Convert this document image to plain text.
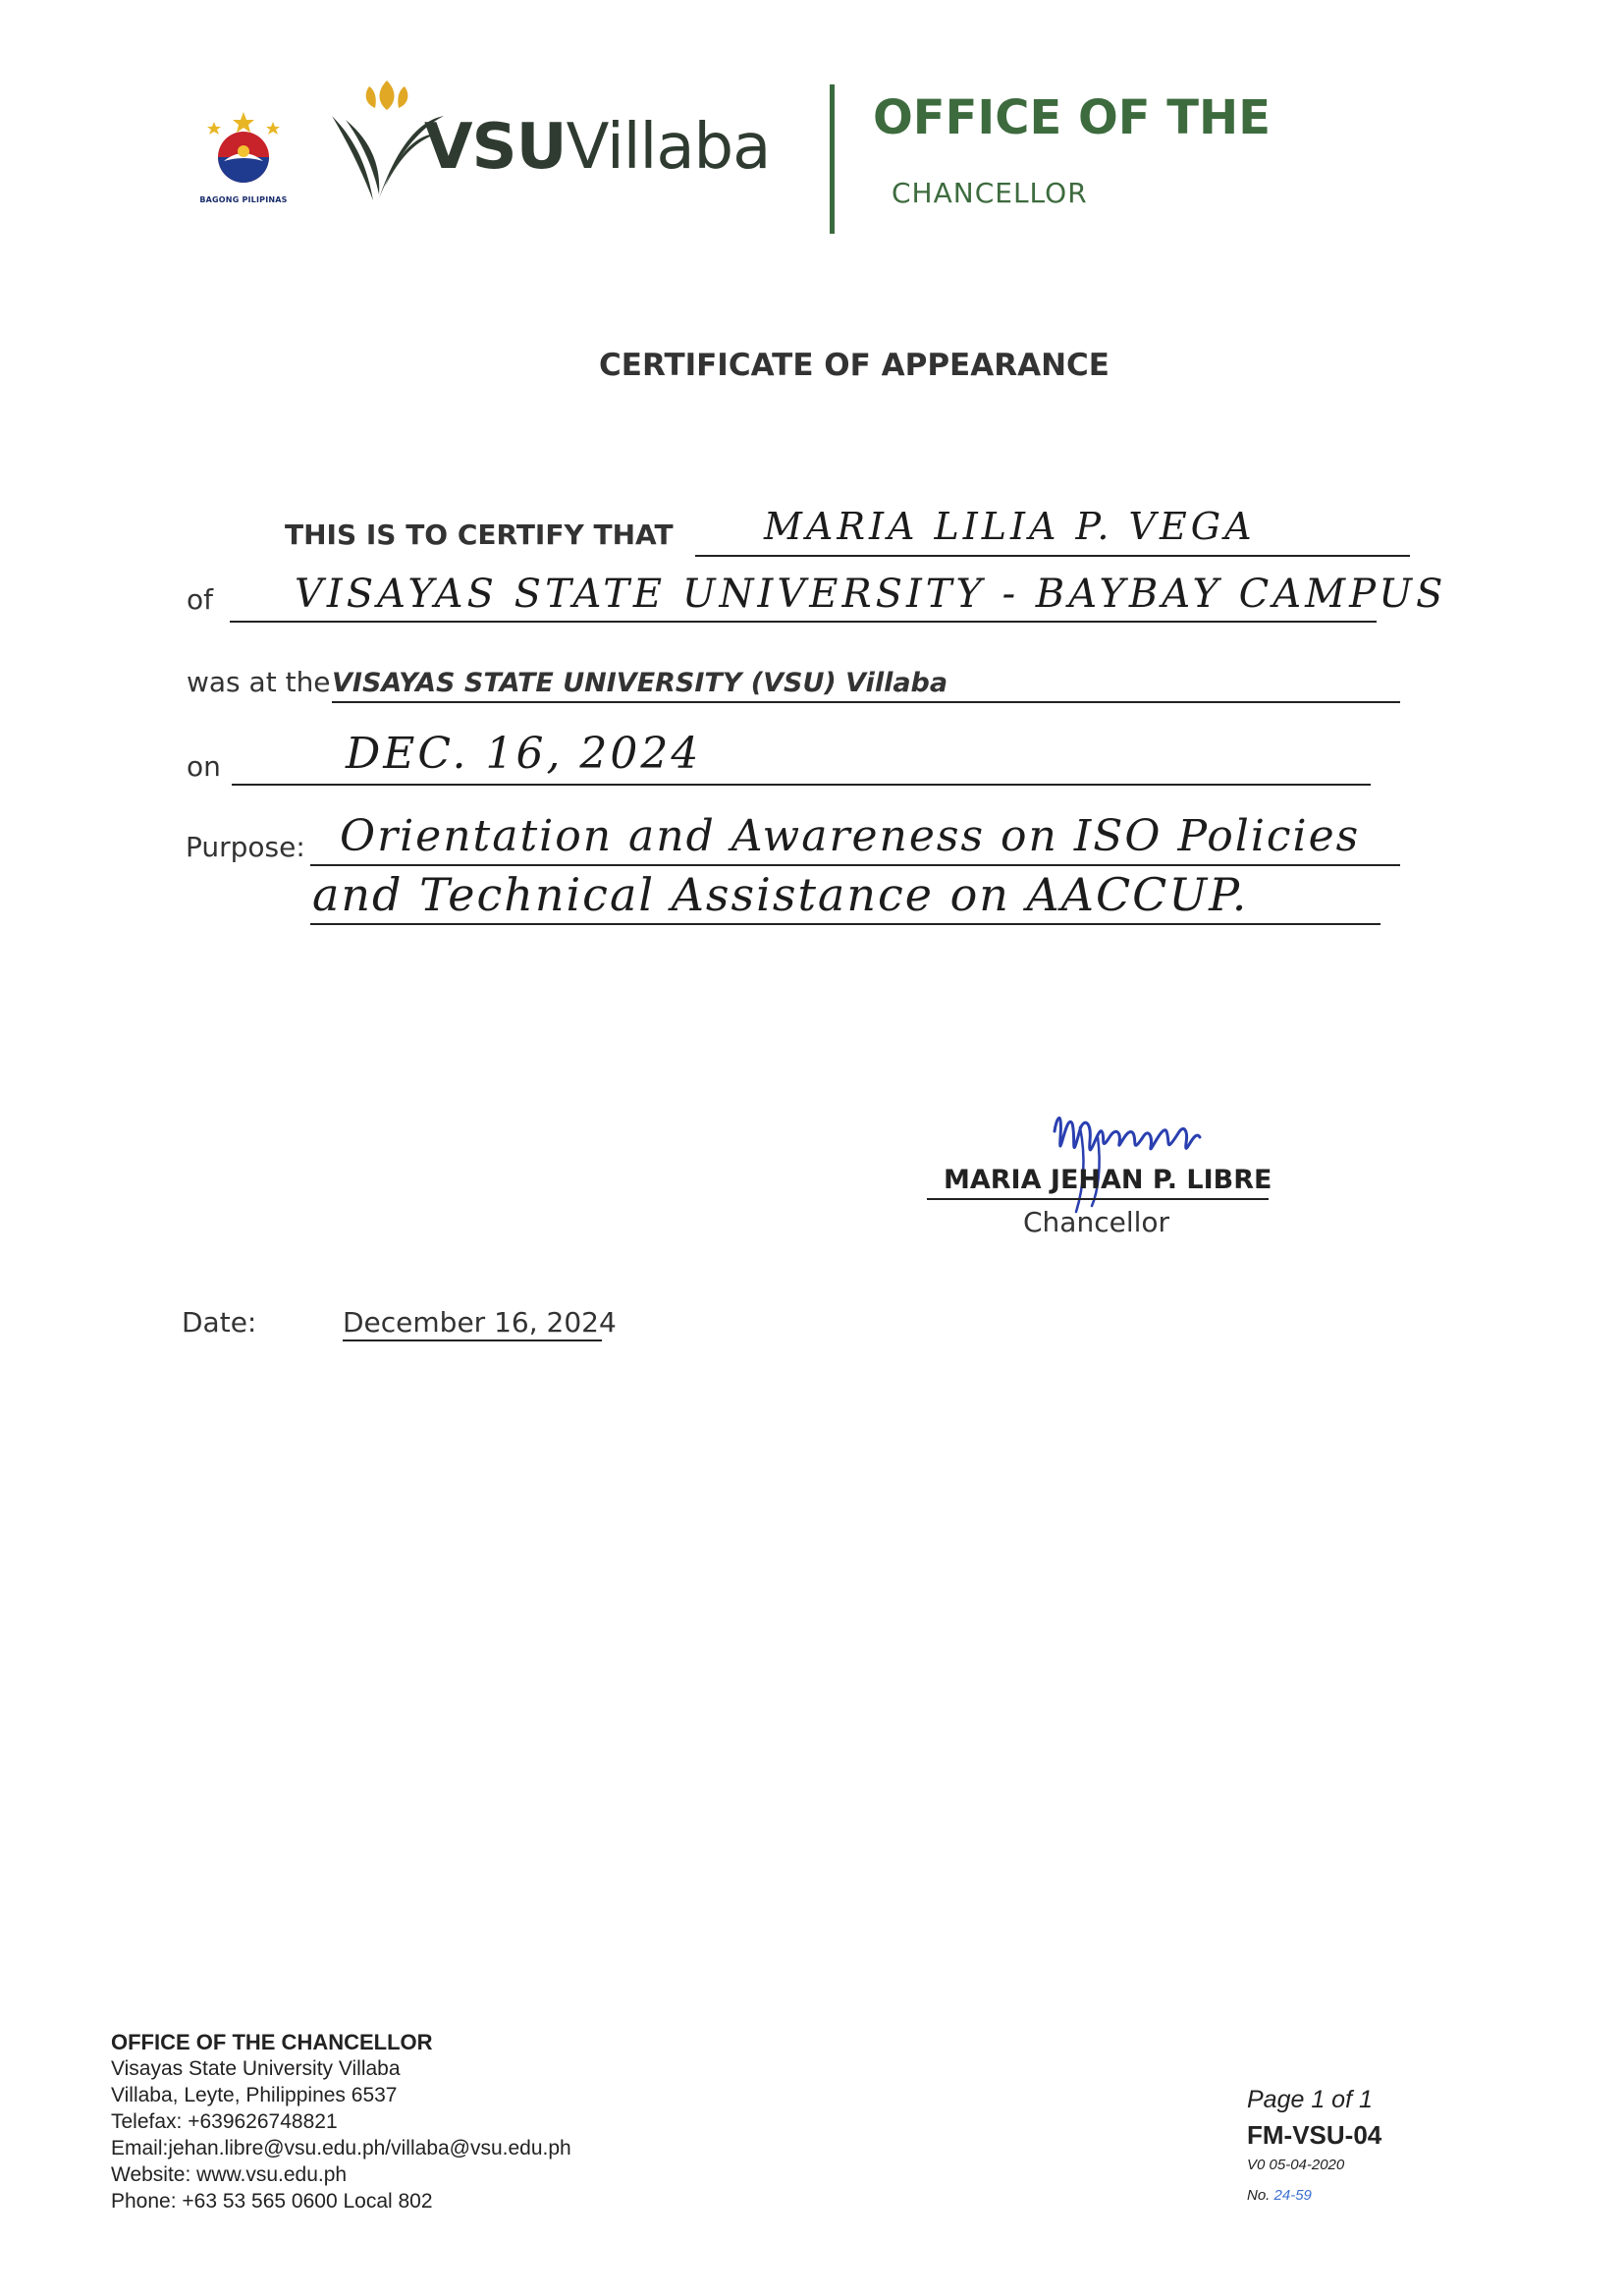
BAGONG PILIPINAS
VSUVillaba OFFICE OF THE
CHANCELLOR
CERTIFICATE OF APPEARANCE
THIS IS TO CERTIFY THAT MARIA LILIA P. VEGA
of VISAYAS STATE UNIVERSITY - BAYBAY CAMPUS
was at the VISAYAS STATE UNIVERSITY (VSU) Villaba
on	DEC. 16, 2024
Purpose: Orientation and Awareness on ISO Policies
and Technical Assistance on AACCUP.
MARIA JEHAN P. LIBRE
Chancellor
Date:	December 16, 2024
OFFICE OF THE CHANCELLOR
Visayas State University Villaba
Villaba, Leyte, Philippines 6537
Telefax: +639626748821
Email:jehan.libre@vsu.edu.ph/villaba@vsu.edu.ph
Website: www.vsu.edu.ph
Phone: +63 53 565 0600 Local 802
Page 1 of 1
FM-VSU-04
V0 05-04-2020
No. 24-59
